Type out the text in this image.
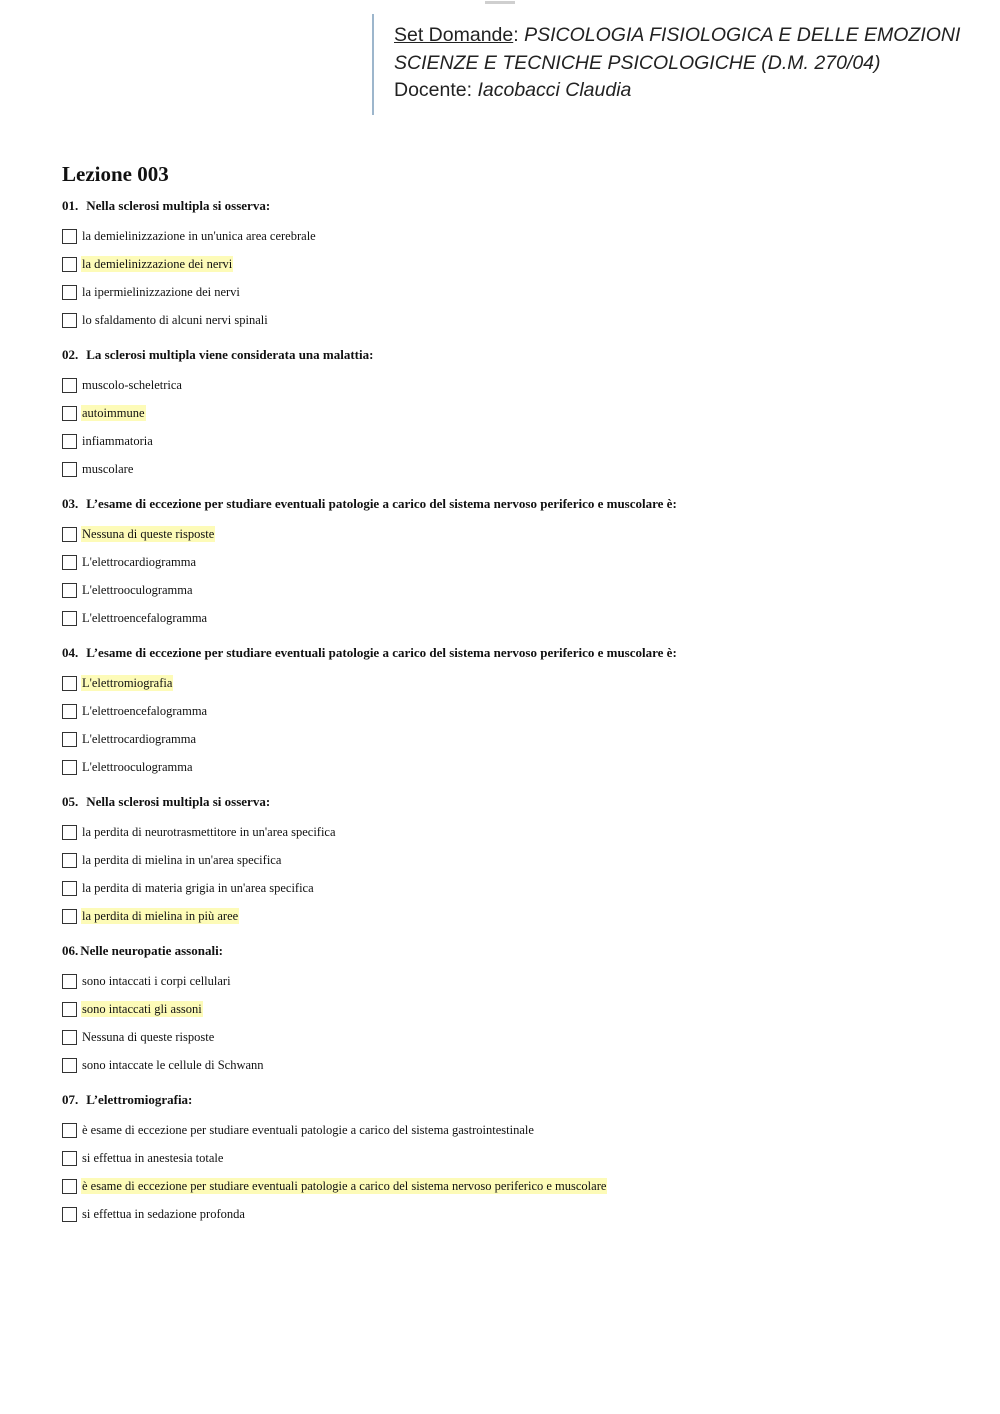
Set Domande: PSICOLOGIA FISIOLOGICA E DELLE EMOZIONI
SCIENZE E TECNICHE PSICOLOGICHE (D.M. 270/04)
Docente: Iacobacci Claudia
Lezione 003
01. Nella sclerosi multipla si osserva:
la demielinizzazione in un'unica area cerebrale
la demielinizzazione dei nervi
la ipermielinizzazione dei nervi
lo sfaldamento di alcuni nervi spinali
02. La sclerosi multipla viene considerata una malattia:
muscolo-scheletrica
autoimmune
infiammatoria
muscolare
03. L’esame di eccezione per studiare eventuali patologie a carico del sistema nervoso periferico e muscolare è:
Nessuna di queste risposte
L'elettrocardiogramma
L'elettrooculogramma
L'elettroencefalogramma
04. L’esame di eccezione per studiare eventuali patologie a carico del sistema nervoso periferico e muscolare è:
L'elettromiografia
L'elettroencefalogramma
L'elettrocardiogramma
L'elettrooculogramma
05. Nella sclerosi multipla si osserva:
la perdita di neurotrasmettitore in un'area specifica
la perdita di mielina in un'area specifica
la perdita di materia grigia in un'area specifica
la perdita di mielina in più aree
06. Nelle neuropatie assonali:
sono intaccati i corpi cellulari
sono intaccati gli assoni
Nessuna di queste risposte
sono intaccate le cellule di Schwann
07. L’elettromiografia:
è esame di eccezione per studiare eventuali patologie a carico del sistema gastrointestinale
si effettua in anestesia totale
è esame di eccezione per studiare eventuali patologie a carico del sistema nervoso periferico e muscolare
si effettua in sedazione profonda
